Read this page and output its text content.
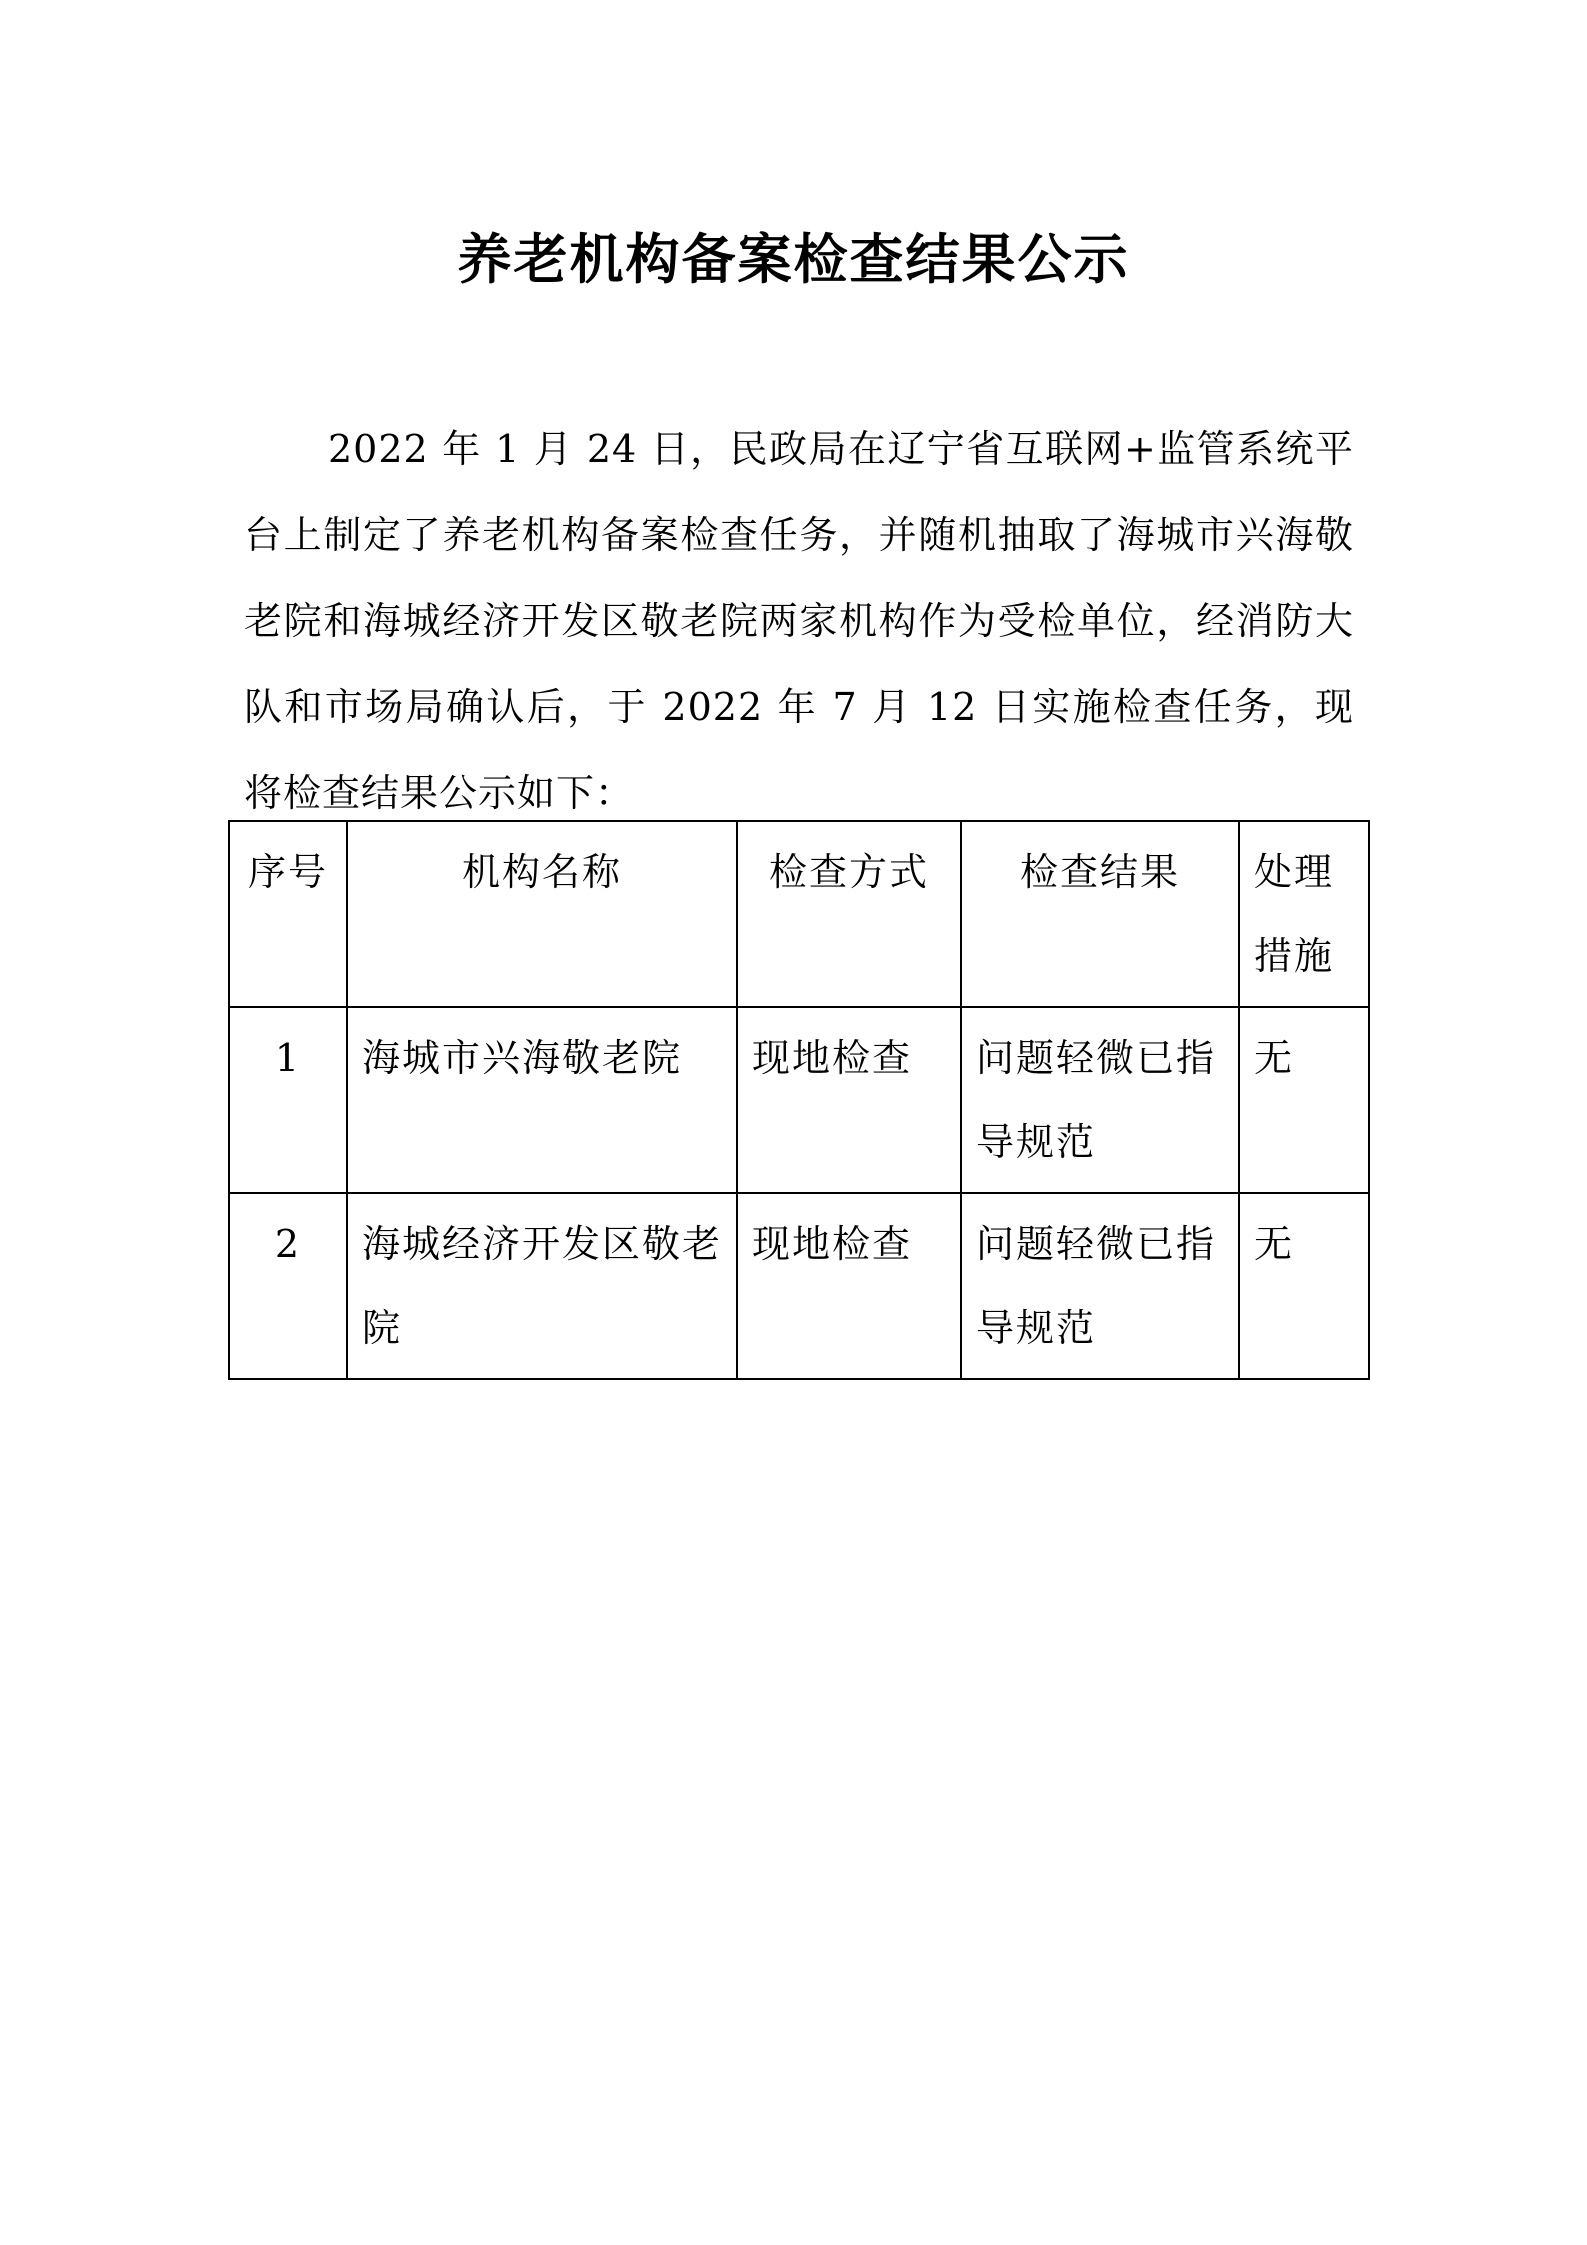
养老机构备案检查结果公示

2022 年 1 月 24 日，民政局在辽宁省互联网+监管系统平台上制定了养老机构备案检查任务，并随机抽取了海城市兴海敬老院和海城经济开发区敬老院两家机构作为受检单位，经消防大队和市场局确认后，于 2022 年 7 月 12 日实施检查任务，现将检查结果公示如下：

序号	机构名称	检查方式	检查结果	处理措施
1	海城市兴海敬老院	现地检查	问题轻微已指导规范	无
2	海城经济开发区敬老院	现地检查	问题轻微已指导规范	无
